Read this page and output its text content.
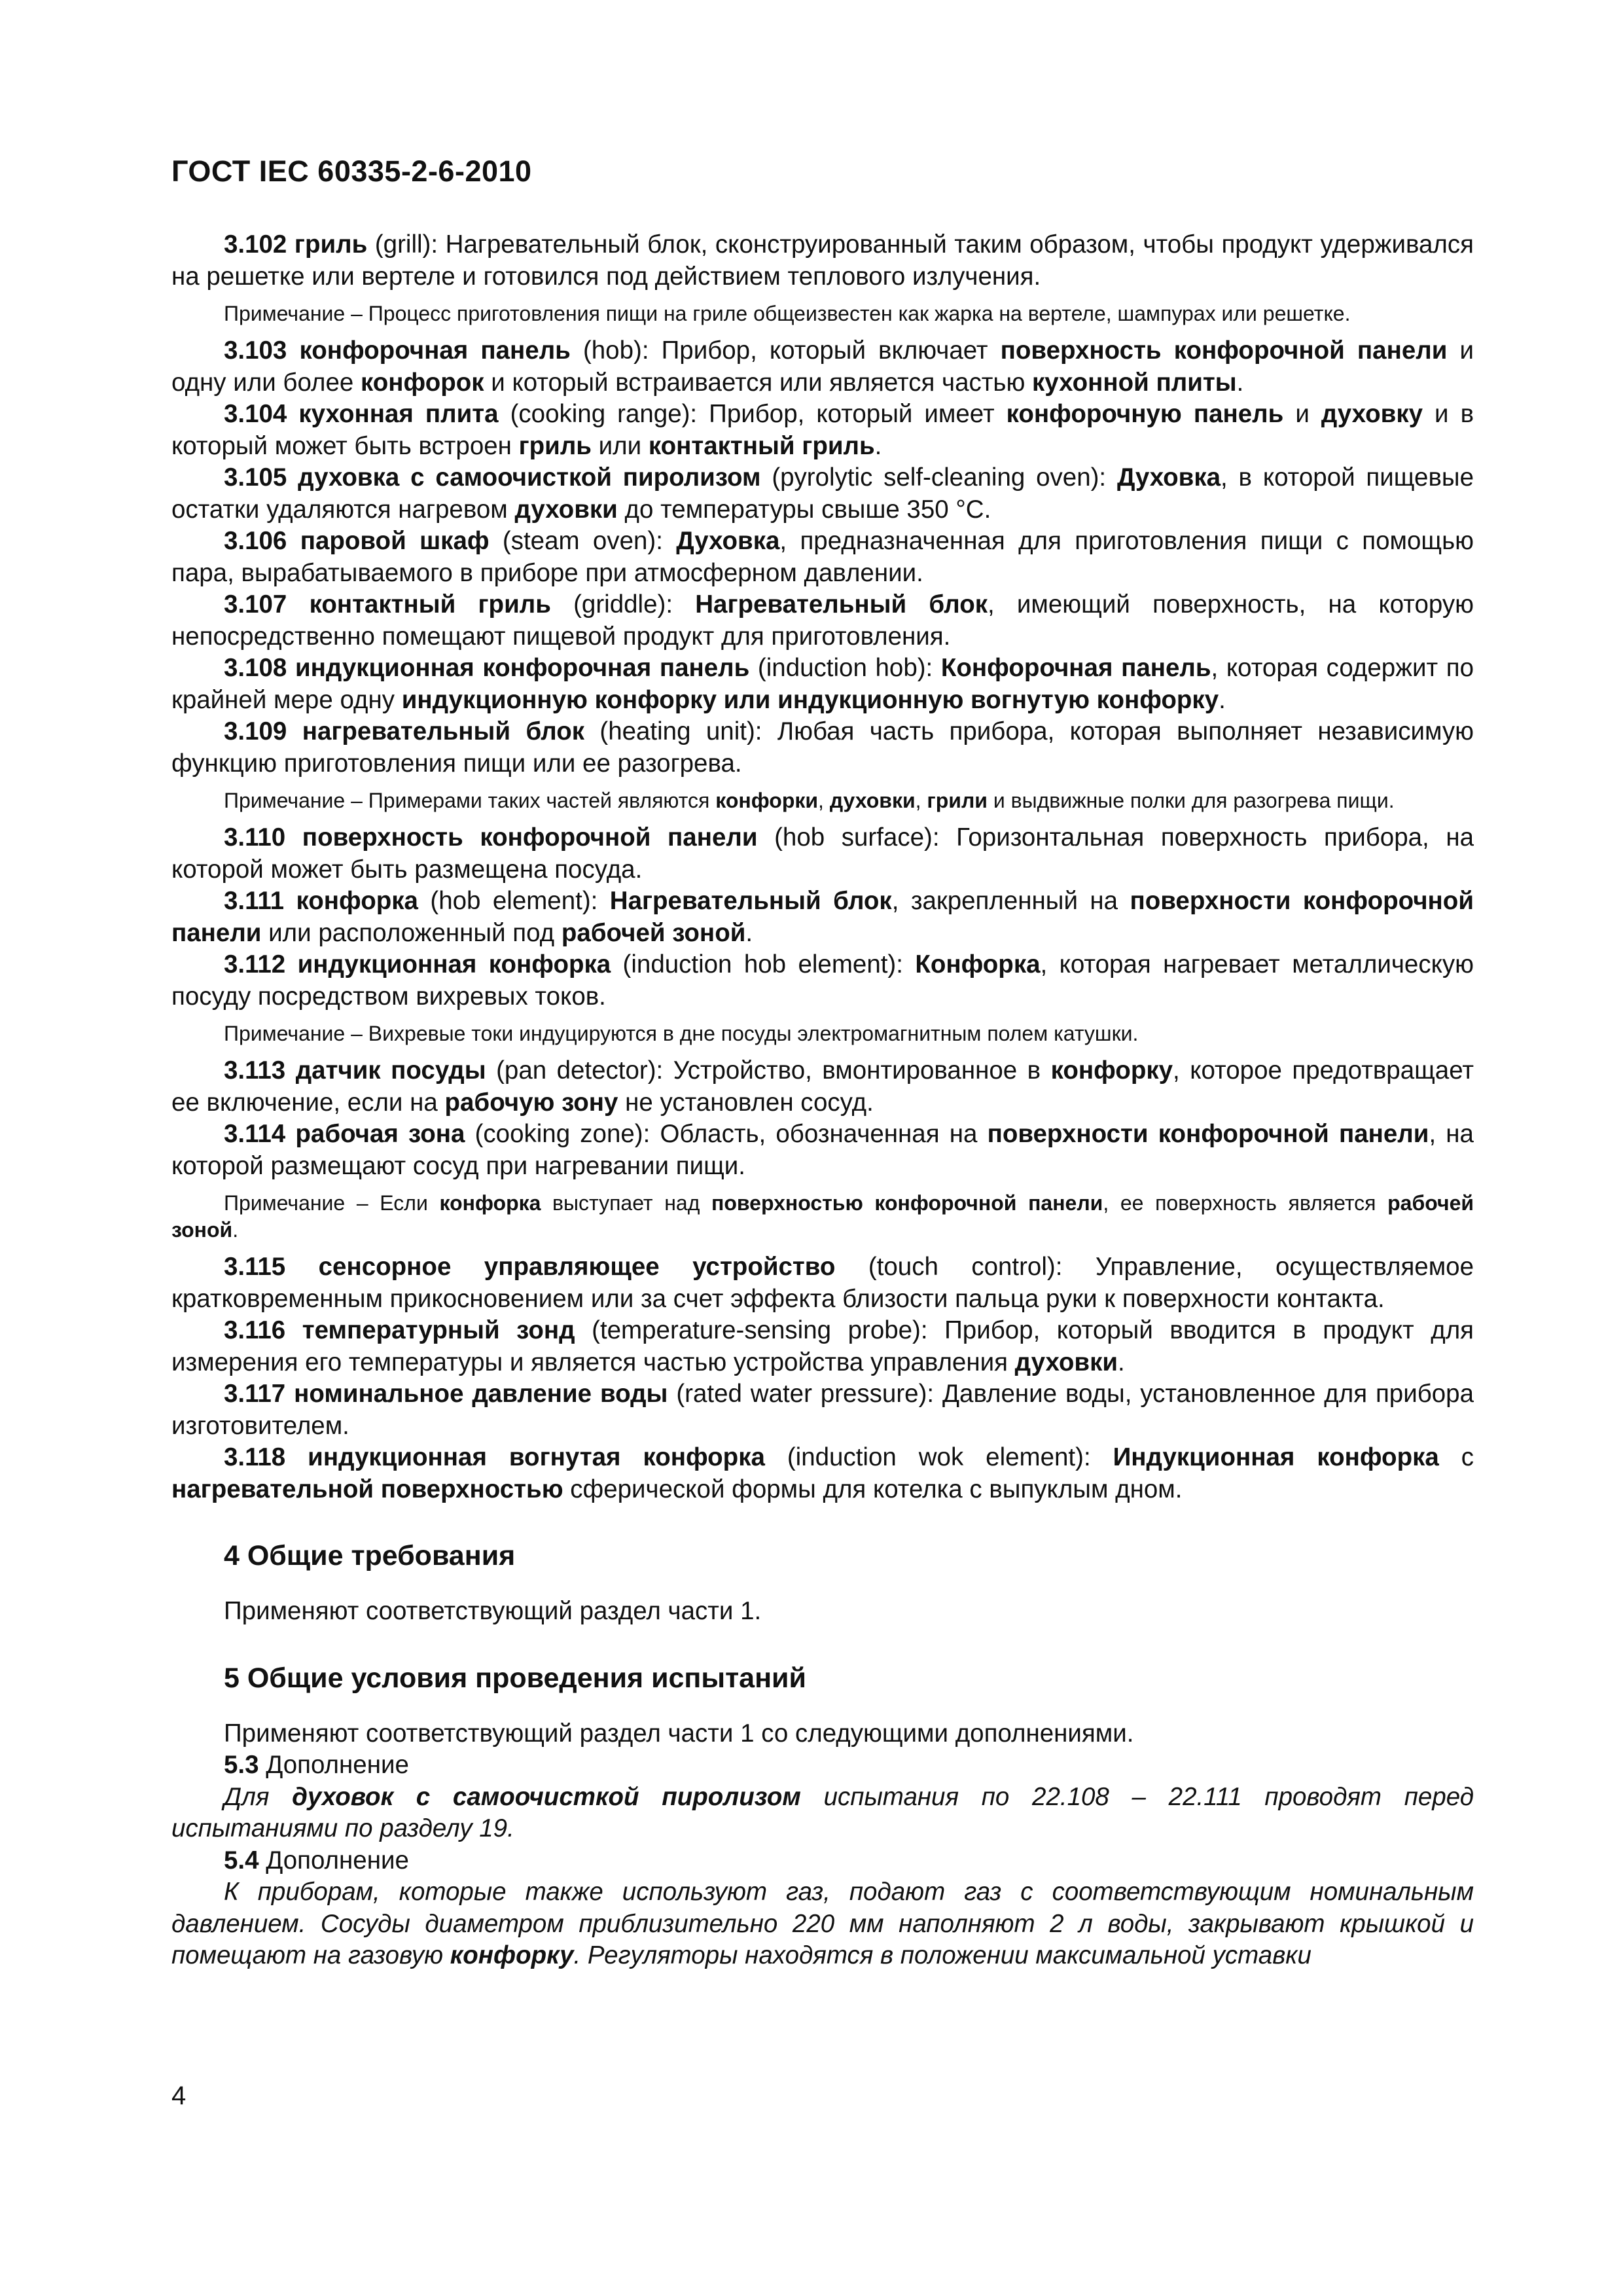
ГОСТ IEC 60335-2-6-2010

3.102 гриль (grill): Нагревательный блок, сконструированный таким образом, чтобы продукт удерживался на решетке или вертеле и готовился под действием теплового излучения.

Примечание – Процесс приготовления пищи на гриле общеизвестен как жарка на вертеле, шампурах или решетке.

3.103 конфорочная панель (hob): Прибор, который включает поверхность конфорочной панели и одну или более конфорок и который встраивается или является частью кухонной плиты.

3.104 кухонная плита (cooking range): Прибор, который имеет конфорочную панель и духовку и в который может быть встроен гриль или контактный гриль.

3.105 духовка с самоочисткой пиролизом (pyrolytic self-cleaning oven): Духовка, в которой пищевые остатки удаляются нагревом духовки до температуры свыше 350 °С.

3.106 паровой шкаф (steam oven): Духовка, предназначенная для приготовления пищи с помощью пара, вырабатываемого в приборе при атмосферном давлении.

3.107 контактный гриль (griddle): Нагревательный блок, имеющий поверхность, на которую непосредственно помещают пищевой продукт для приготовления.

3.108 индукционная конфорочная панель (induction hob): Конфорочная панель, которая содержит по крайней мере одну индукционную конфорку или индукционную вогнутую конфорку.

3.109 нагревательный блок (heating unit): Любая часть прибора, которая выполняет независимую функцию приготовления пищи или ее разогрева.

Примечание – Примерами таких частей являются конфорки, духовки, грили и выдвижные полки для разогрева пищи.

3.110 поверхность конфорочной панели (hob surface): Горизонтальная поверхность прибора, на которой может быть размещена посуда.

3.111 конфорка (hob element): Нагревательный блок, закрепленный на поверхности конфорочной панели или расположенный под рабочей зоной.

3.112 индукционная конфорка (induction hob element): Конфорка, которая нагревает металлическую посуду посредством вихревых токов.

Примечание – Вихревые токи индуцируются в дне посуды электромагнитным полем катушки.

3.113 датчик посуды (pan detector): Устройство, вмонтированное в конфорку, которое предотвращает ее включение, если на рабочую зону не установлен сосуд.

3.114 рабочая зона (cooking zone): Область, обозначенная на поверхности конфорочной панели, на которой размещают сосуд при нагревании пищи.

Примечание – Если конфорка выступает над поверхностью конфорочной панели, ее поверхность является рабочей зоной.

3.115 сенсорное управляющее устройство (touch control): Управление, осуществляемое кратковременным прикосновением или за счет эффекта близости пальца руки к поверхности контакта.

3.116 температурный зонд (temperature-sensing probe): Прибор, который вводится в продукт для измерения его температуры и является частью устройства управления духовки.

3.117 номинальное давление воды (rated water pressure): Давление воды, установленное для прибора изготовителем.

3.118 индукционная вогнутая конфорка (induction wok element): Индукционная конфорка с нагревательной поверхностью сферической формы для котелка с выпуклым дном.

4 Общие требования

Применяют соответствующий раздел части 1.

5 Общие условия проведения испытаний

Применяют соответствующий раздел части 1 со следующими дополнениями.

5.3 Дополнение

Для духовок с самоочисткой пиролизом испытания по 22.108 – 22.111 проводят перед испытаниями по разделу 19.

5.4 Дополнение

К приборам, которые также используют газ, подают газ с соответствующим номинальным давлением. Сосуды диаметром приблизительно 220 мм наполняют 2 л воды, закрывают крышкой и помещают на газовую конфорку. Регуляторы находятся в положении максимальной уставки

4
